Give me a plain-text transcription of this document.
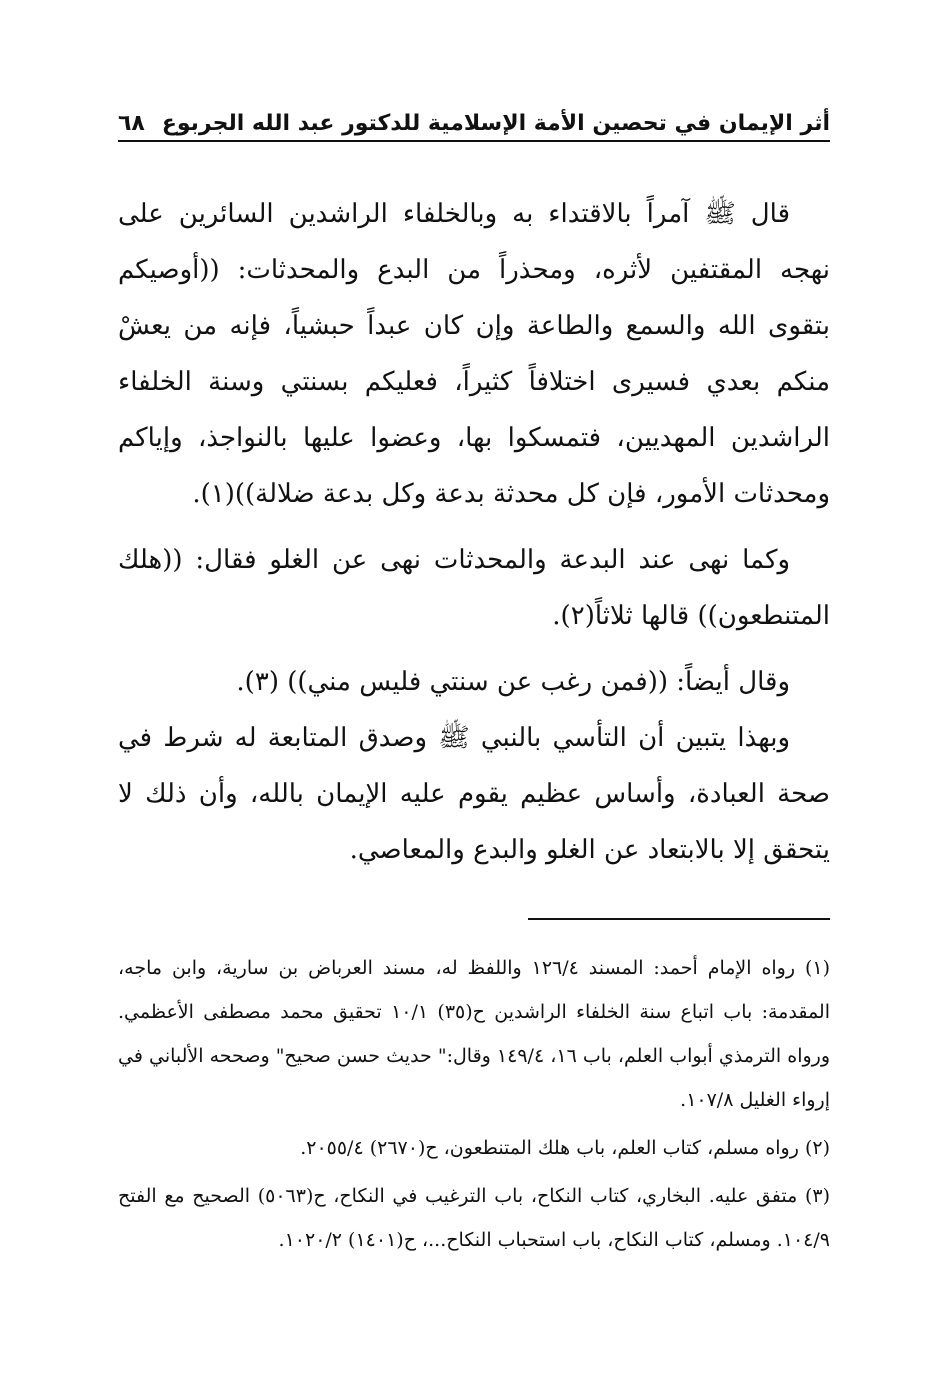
أثر الإيمان في تحصين الأمة الإسلامية للدكتور عبد الله الجربوع
٦٨

قال ﷺ آمراً بالاقتداء به وبالخلفاء الراشدين السائرين على نهجه المقتفين لأثره، ومحذراً من البدع والمحدثات: ((أوصيكم بتقوى الله والسمع والطاعة وإن كان عبداً حبشياً، فإنه من يعشْ منكم بعدي فسيرى اختلافاً كثيراً، فعليكم بسنتي وسنة الخلفاء الراشدين المهديين، فتمسكوا بها، وعضوا عليها بالنواجذ، وإياكم ومحدثات الأمور، فإن كل محدثة بدعة وكل بدعة ضلالة))(١).

وكما نهى عند البدعة والمحدثات نهى عن الغلو فقال: ((هلك المتنطعون)) قالها ثلاثاً(٢).

وقال أيضاً: ((فمن رغب عن سنتي فليس مني)) (٣).

وبهذا يتبين أن التأسي بالنبي ﷺ وصدق المتابعة له شرط في صحة العبادة، وأساس عظيم يقوم عليه الإيمان بالله، وأن ذلك لا يتحقق إلا بالابتعاد عن الغلو والبدع والمعاصي.

(١) رواه الإمام أحمد: المسند ١٢٦/٤ واللفظ له، مسند العرباض بن سارية، وابن ماجه، المقدمة: باب اتباع سنة الخلفاء الراشدين ح(٣٥) ١٠/١ تحقيق محمد مصطفى الأعظمي. ورواه الترمذي أبواب العلم، باب ١٦، ١٤٩/٤ وقال:" حديث حسن صحيح" وصححه الألباني في إرواء الغليل ١٠٧/٨.

(٢) رواه مسلم، كتاب العلم، باب هلك المتنطعون، ح(٢٦٧٠) ٢٠٥٥/٤.

(٣) متفق عليه. البخاري، كتاب النكاح، باب الترغيب في النكاح، ح(٥٠٦٣) الصحيح مع الفتح ١٠٤/٩. ومسلم، كتاب النكاح، باب استحباب النكاح...، ح(١٤٠١) ١٠٢٠/٢.
